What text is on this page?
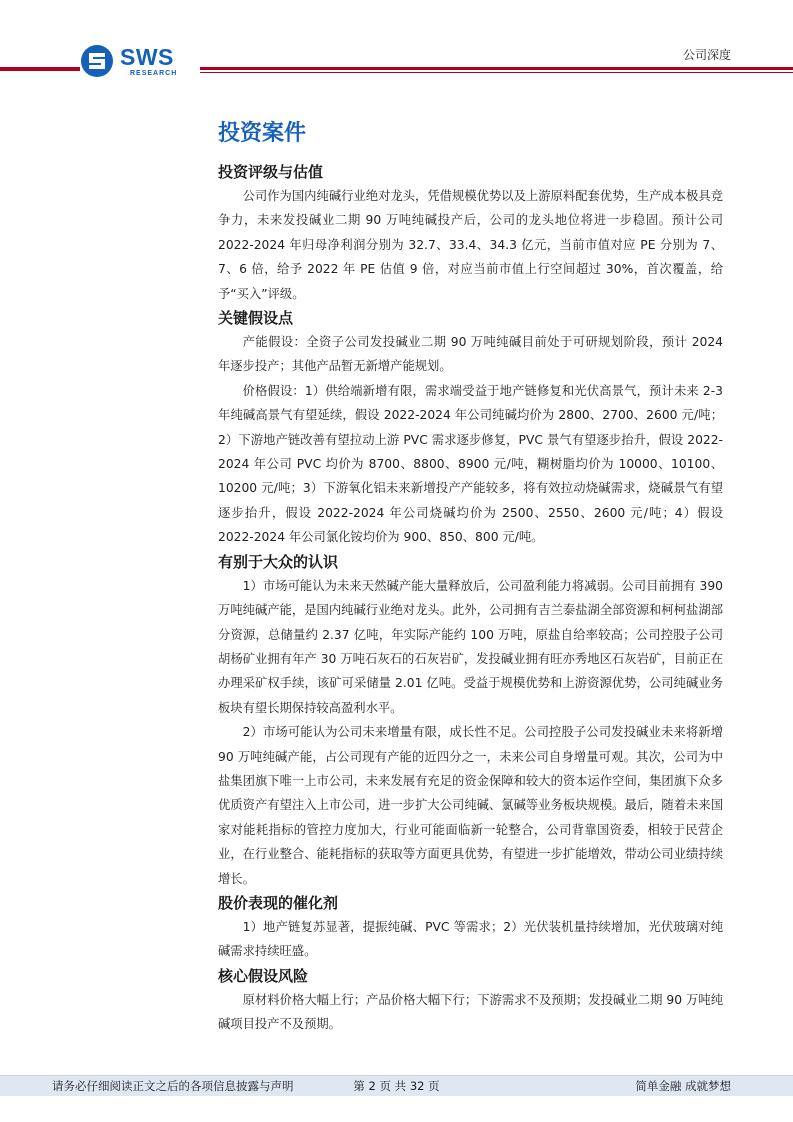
SWS
RESEARCH
公司深度
投资案件
投资评级与估值

公司作为国内纯碱行业绝对龙头，凭借规模优势以及上游原料配套优势，生产成本极具竞争力，未来发投碱业二期 90 万吨纯碱投产后，公司的龙头地位将进一步稳固。预计公司 2022-2024 年归母净利润分别为 32.7、33.4、34.3 亿元，当前市值对应 PE 分别为 7、7、6 倍，给予 2022 年 PE 估值 9 倍，对应当前市值上行空间超过 30%，首次覆盖，给予“买入”评级。

关键假设点

产能假设：全资子公司发投碱业二期 90 万吨纯碱目前处于可研规划阶段，预计 2024 年逐步投产；其他产品暂无新增产能规划。

价格假设：1）供给端新增有限，需求端受益于地产链修复和光伏高景气，预计未来 2-3 年纯碱高景气有望延续，假设 2022-2024 年公司纯碱均价为 2800、2700、2600 元/吨；2）下游地产链改善有望拉动上游 PVC 需求逐步修复，PVC 景气有望逐步抬升，假设 2022-2024 年公司 PVC 均价为 8700、8800、8900 元/吨，糊树脂均价为 10000、10100、10200 元/吨；3）下游氧化铝未来新增投产产能较多，将有效拉动烧碱需求，烧碱景气有望逐步抬升，假设 2022-2024 年公司烧碱均价为 2500、2550、2600 元/吨；4）假设 2022-2024 年公司氯化铵均价为 900、850、800 元/吨。

有别于大众的认识

1）市场可能认为未来天然碱产能大量释放后，公司盈利能力将减弱。公司目前拥有 390 万吨纯碱产能，是国内纯碱行业绝对龙头。此外，公司拥有吉兰泰盐湖全部资源和柯柯盐湖部分资源，总储量约 2.37 亿吨，年实际产能约 100 万吨，原盐自给率较高；公司控股子公司胡杨矿业拥有年产 30 万吨石灰石的石灰岩矿，发投碱业拥有旺亦秀地区石灰岩矿，目前正在办理采矿权手续，该矿可采储量 2.01 亿吨。受益于规模优势和上游资源优势，公司纯碱业务板块有望长期保持较高盈利水平。

2）市场可能认为公司未来增量有限，成长性不足。公司控股子公司发投碱业未来将新增 90 万吨纯碱产能，占公司现有产能的近四分之一，未来公司自身增量可观。其次，公司为中盐集团旗下唯一上市公司，未来发展有充足的资金保障和较大的资本运作空间，集团旗下众多优质资产有望注入上市公司，进一步扩大公司纯碱、氯碱等业务板块规模。最后，随着未来国家对能耗指标的管控力度加大，行业可能面临新一轮整合，公司背靠国资委，相较于民营企业，在行业整合、能耗指标的获取等方面更具优势，有望进一步扩能增效，带动公司业绩持续增长。

股价表现的催化剂

1）地产链复苏显著，提振纯碱、PVC 等需求；2）光伏装机量持续增加，光伏玻璃对纯碱需求持续旺盛。

核心假设风险

原材料价格大幅上行；产品价格大幅下行；下游需求不及预期；发投碱业二期 90 万吨纯碱项目投产不及预期。

请务必仔细阅读正文之后的各项信息披露与声明	第 2 页 共 32 页	简单金融 成就梦想
